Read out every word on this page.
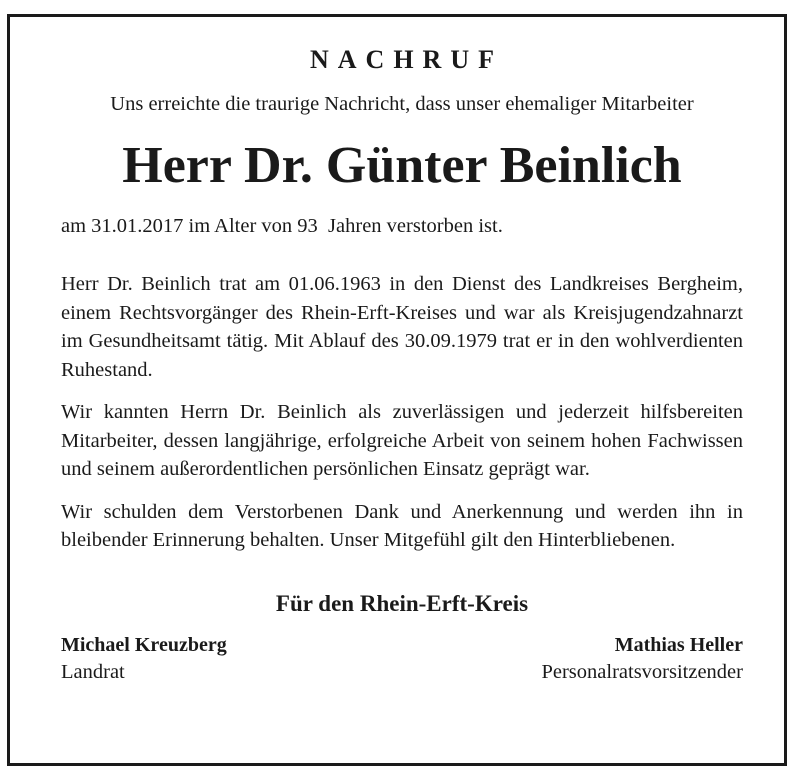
NACHRUF

Uns erreichte die traurige Nachricht, dass unser ehemaliger Mitarbeiter

Herr Dr. Günter Beinlich

am 31.01.2017 im Alter von 93  Jahren verstorben ist.

Herr Dr. Beinlich trat am 01.06.1963 in den Dienst des Landkreises Bergheim, einem Rechtsvorgänger des Rhein-Erft-Kreises und war als Kreisjugendzahnarzt im Gesundheitsamt tätig. Mit Ablauf des 30.09.1979 trat er in den wohlverdienten Ruhestand.

Wir kannten Herrn Dr. Beinlich als zuverlässigen und jederzeit hilfsbereiten Mitarbeiter, dessen langjährige, erfolgreiche Arbeit von seinem hohen Fachwissen und seinem außerordentlichen persönlichen Einsatz geprägt war.

Wir schulden dem Verstorbenen Dank und Anerkennung und werden ihn in bleibender Erinnerung behalten. Unser Mitgefühl gilt den Hinterbliebenen.

Für den Rhein-Erft-Kreis

Michael Kreuzberg
Landrat
Mathias Heller
Personalratsvorsitzender
